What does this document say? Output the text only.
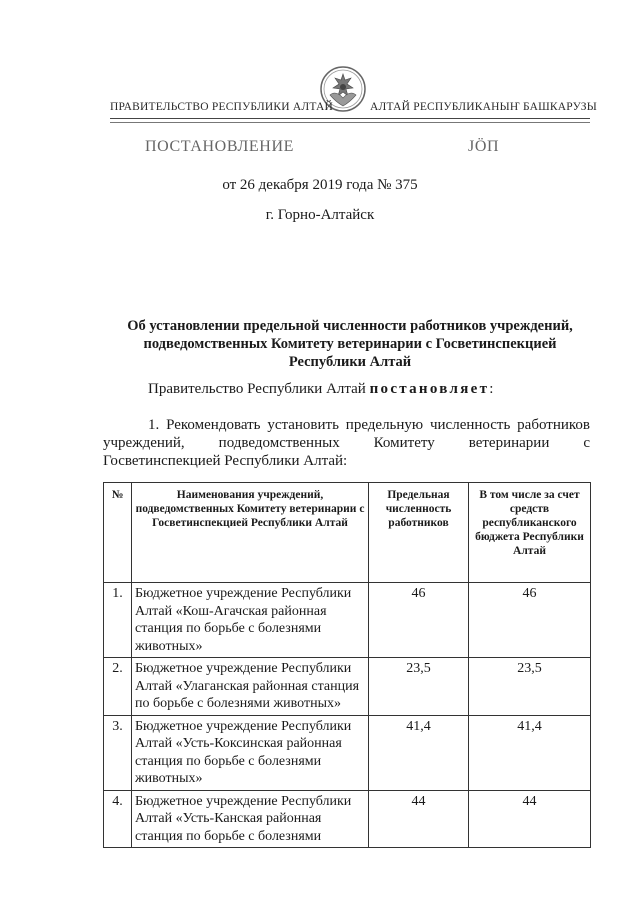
ПРАВИТЕЛЬСТВО РЕСПУБЛИКИ АЛТАЙ	АЛТАЙ РЕСПУБЛИКАНЫҤ БАШКАРУЗЫ
ПОСТАНОВЛЕНИЕ	JӦП
от 26 декабря 2019 года № 375
г. Горно-Алтайск
Об установлении предельной численности работников учреждений,
подведомственных Комитету ветеринарии с Госветинспекцией
Республики Алтай
Правительство Республики Алтай постановляет:
1. Рекомендовать установить предельную численность работников учреждений, подведомственных Комитету ветеринарии с Госветинспекцией Республики Алтай:
№	Наименования учреждений, подведомственных Комитету ветеринарии с Госветинспекцией Республики Алтай	Предельная численность работников	В том числе за счет средств республиканского бюджета Республики Алтай
1.	Бюджетное учреждение Республики Алтай «Кош-Агачская районная станция по борьбе с болезнями животных»	46	46
2.	Бюджетное учреждение Республики Алтай «Улаганская районная станция по борьбе с болезнями животных»	23,5	23,5
3.	Бюджетное учреждение Республики Алтай «Усть-Коксинская районная станция по борьбе с болезнями животных»	41,4	41,4
4.	Бюджетное учреждение Республики Алтай «Усть-Канская районная станция по борьбе с болезнями	44	44
